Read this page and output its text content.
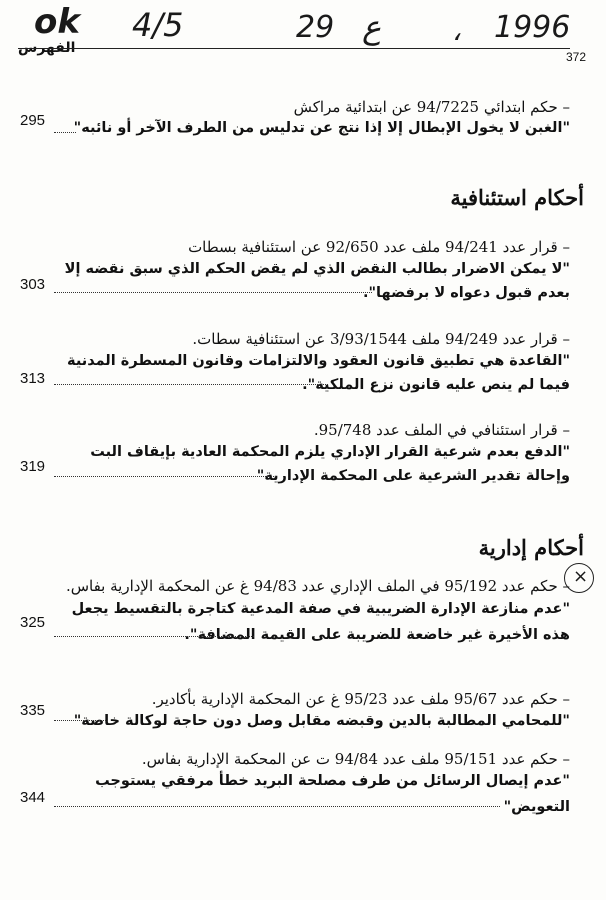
ok 4/5	29 ع	، 1996
الفهرس
372
– حكم ابتدائي 94/7225 عن ابتدائية مراكش
"الغبن لا يخول الإبطال إلا إذا نتج عن تدليس من الطرف الآخر أو نائبه"
295
أحكام استئنافية
– قرار عدد 94/241 ملف عدد 92/650 عن استئنافية بسطات
"لا يمكن الاضرار بطالب النقض الذي لم يقض الحكم الذي سبق نقضه إلا
بعدم قبول دعواه لا برفضها".
303
– قرار عدد 94/249 ملف 3/93/1544 عن استئنافية سطات.
"القاعدة هي تطبيق قانون العقود والالتزامات وقانون المسطرة المدنية
فيما لم ينص عليه قانون نزع الملكية".
313
– قرار استئنافي في الملف عدد 95/748.
"الدفع بعدم شرعية القرار الإداري يلزم المحكمة العادية بإيقاف البت
وإحالة تقدير الشرعية على المحكمة الإدارية"
319
أحكام إدارية
×
– حكم عدد 95/192 في الملف الإداري عدد 94/83 غ عن المحكمة الإدارية بفاس.
"عدم منازعة الإدارة الضريبية في صفة المدعية كتاجرة بالتقسيط يجعل
هذه الأخيرة غير خاضعة للضريبة على القيمة المضافة".
325
– حكم عدد 95/67 ملف عدد 95/23 غ عن المحكمة الإدارية بأكادير.
"للمحامي المطالبة بالدين وقبضه مقابل وصل دون حاجة لوكالة خاصة"
335
– حكم عدد 95/151 ملف عدد 94/84 ت عن المحكمة الإدارية بفاس.
"عدم إيصال الرسائل من طرف مصلحة البريد خطأ مرفقي يستوجب
التعويض"
344
